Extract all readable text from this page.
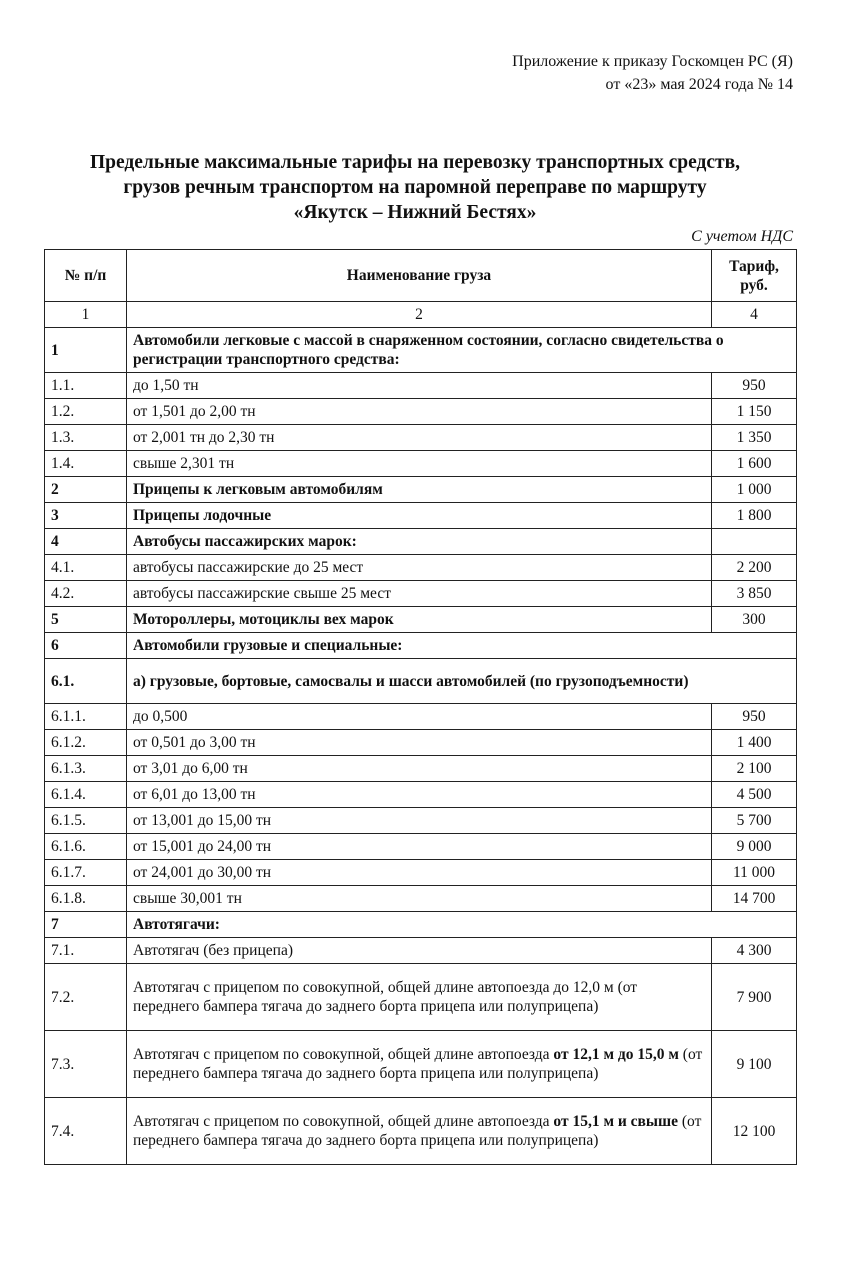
Приложение к приказу Госкомцен РС (Я)
от «23» мая 2024 года № 14
Предельные максимальные тарифы на перевозку транспортных средств,
грузов речным транспортом на паромной переправе по маршруту
«Якутск – Нижний Бестях»
С учетом НДС
№ п/п	Наименование груза	Тариф,
руб.
1	2	4
1	Автомобили легковые с массой в снаряженном состоянии, согласно свидетельства о регистрации транспортного средства:	
1.1.	до 1,50 тн	950
1.2.	от 1,501 до 2,00 тн	1 150
1.3.	от 2,001 тн до 2,30 тн	1 350
1.4.	свыше 2,301 тн	1 600
2	Прицепы к легковым автомобилям	1 000
3	Прицепы лодочные	1 800
4	Автобусы пассажирских марок:	
4.1.	автобусы пассажирские до 25 мест	2 200
4.2.	автобусы пассажирские свыше 25 мест	3 850
5	Мотороллеры, мотоциклы вех марок	300
6	Автомобили грузовые и специальные:	
6.1.	а) грузовые, бортовые, самосвалы и шасси автомобилей (по грузоподъемности)	
6.1.1.	до 0,500	950
6.1.2.	от 0,501 до 3,00 тн	1 400
6.1.3.	от 3,01 до 6,00 тн	2 100
6.1.4.	от 6,01 до 13,00 тн	4 500
6.1.5.	от 13,001 до 15,00 тн	5 700
6.1.6.	от 15,001 до 24,00 тн	9 000
6.1.7.	от 24,001 до 30,00 тн	11 000
6.1.8.	свыше 30,001 тн	14 700
7	Автотягачи:	
7.1.	Автотягач (без прицепа)	4 300
7.2.	Автотягач с прицепом по совокупной, общей длине автопоезда до 12,0 м (от переднего бампера тягача до заднего борта прицепа или полуприцепа)	7 900
7.3.	Автотягач с прицепом по совокупной, общей длине автопоезда от 12,1 м до 15,0 м (от переднего бампера тягача до заднего борта прицепа или полуприцепа)	9 100
7.4.	Автотягач с прицепом по совокупной, общей длине автопоезда от 15,1 м и свыше (от переднего бампера тягача до заднего борта прицепа или полуприцепа)	12 100
